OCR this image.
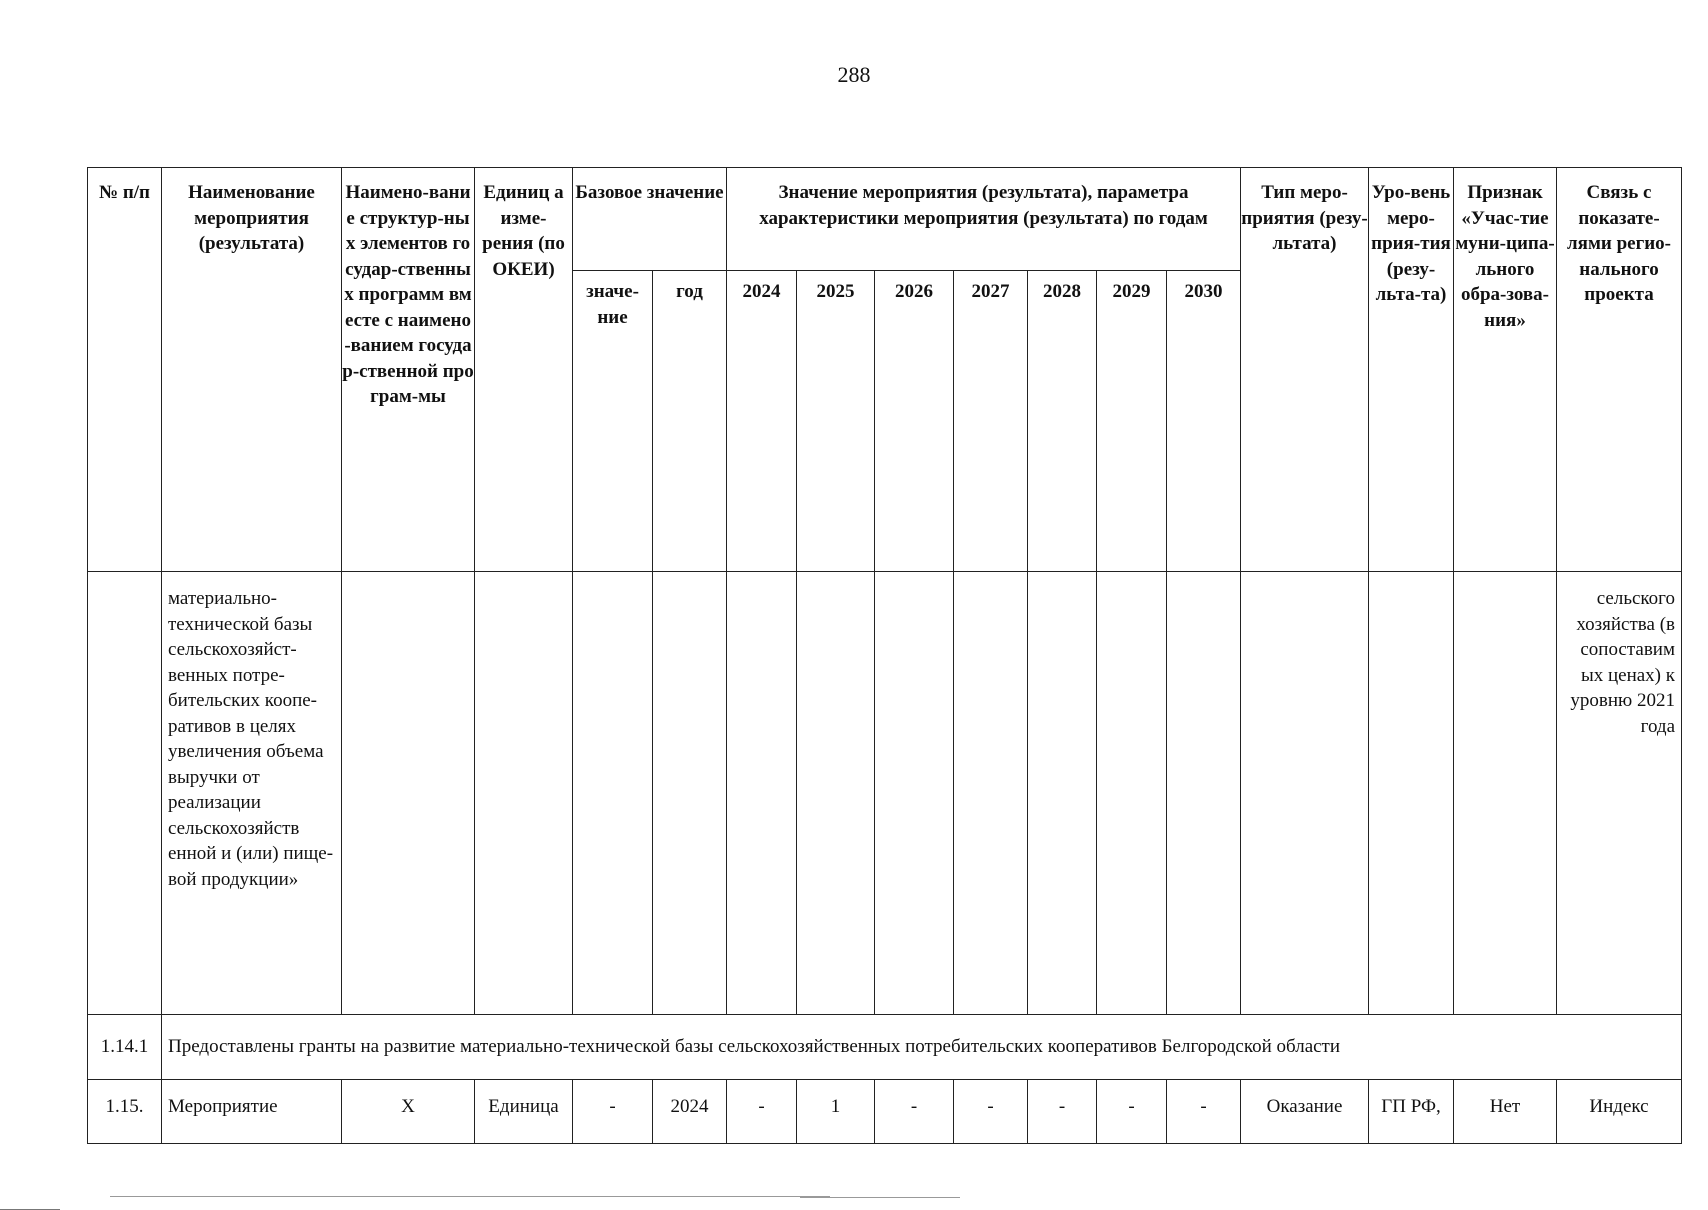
288
№ п/п	Наименование мероприятия (результата)	Наимено-вание структур-ных элементов государ-ственных программ вместе с наимено-ванием государ-ственной програм-мы	Единиц а изме-рения (по ОКЕИ)	Базовое значение		Значение мероприятия (результата), параметра характеристики мероприятия (результата) по годам							Тип меро-приятия (резу-льтата)	Уро-вень меро-прия-тия (резу-льта-та)	Признак «Учас-тие муни-ципа-льного обра-зова-ния»	Связь с показате-лями регио-нального проекта
				значе-ние	год	2024	2025	2026	2027	2028	2029	2030				
	материально-технической базы сельскохозяйст-венных потре-бительских коопе-ративов в целях увеличения объема выручки от реализации сельскохозяйств енной и (или) пище-вой продукции»															сельского хозяйства (в сопоставим ых ценах) к уровню 2021 года
1.14.1	Предоставлены гранты на развитие материально-технической базы сельскохозяйственных потребительских кооперативов Белгородской области															
1.15.	Мероприятие	X	Единица	-	2024	-	1	-	-	-	-	-	Оказание	ГП РФ,	Нет	Индекс
